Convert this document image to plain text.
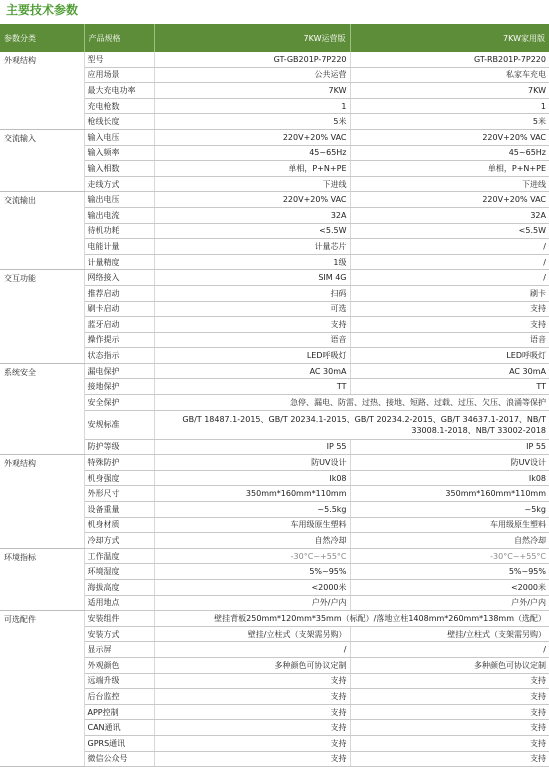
主要技术参数
参数分类	产品规格	7KW运营版	7KW家用版
外观结构	型号	GT-GB201P-7P220	GT-RB201P-7P220
	应用场景	公共运营	私家车充电
	最大充电功率	7KW	7KW
	充电枪数	1	1
	枪线长度	5米	5米
交流输入	输入电压	220V+20% VAC	220V+20% VAC
	输入频率	45~65Hz	45~65Hz
	输入相数	单相，P+N+PE	单相，P+N+PE
	走线方式	下进线	下进线
交流输出	输出电压	220V+20% VAC	220V+20% VAC
	输出电流	32A	32A
	待机功耗	<5.5W	<5.5W
	电能计量	计量芯片	/
	计量精度	1级	/
交互功能	网络接入	SIM 4G	/
	推荐启动	扫码	刷卡
	刷卡启动	可选	支持
	蓝牙启动	支持	支持
	操作提示	语音	语音
	状态指示	LED呼吸灯	LED呼吸灯
系统安全	漏电保护	AC 30mA	AC 30mA
	接地保护	TT	TT
	安全保护	急停、漏电、防雷、过热、接地、短路、过载、过压、欠压、浪涌等保护	
	安规标准	GB/T 18487.1-2015、GB/T 20234.1-2015、GB/T 20234.2-2015、GB/T 34637.1-2017、NB/T 33008.1-2018、NB/T 33002-2018	
	防护等级	IP 55	IP 55
外观结构	特殊防护	防UV设计	防UV设计
	机身强度	Ik08	Ik08
	外形尺寸	350mm*160mm*110mm	350mm*160mm*110mm
	设备重量	~5.5kg	~5kg
	机身材质	车用级原生塑料	车用级原生塑料
	冷却方式	自然冷却	自然冷却
环境指标	工作温度	-30°C~+55°C	-30°C~+55°C
	环境湿度	5%~95%	5%~95%
	海拔高度	<2000米	<2000米
	适用地点	户外/户内	户外/户内
可选配件	安装组件	壁挂背板250mm*120mm*35mm（标配）/落地立柱1408mm*260mm*138mm（选配）	
	安装方式	壁挂/立柱式（支架需另购）	壁挂/立柱式（支架需另购）
	显示屏	/	/
	外观颜色	多种颜色可协议定制	多种颜色可协议定制
	远端升级	支持	支持
	后台监控	支持	支持
	APP控制	支持	支持
	CAN通讯	支持	支持
	GPRS通讯	支持	支持
	微信公众号	支持	支持
